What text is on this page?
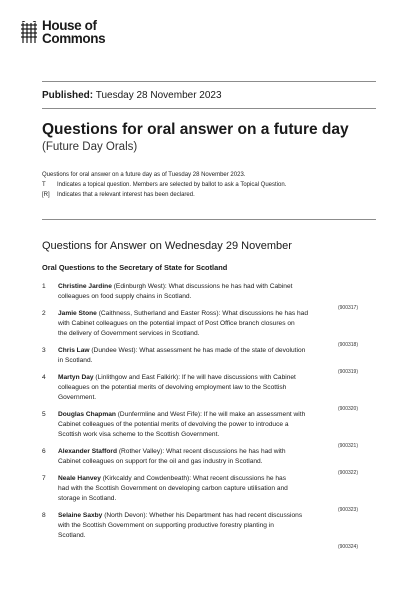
House of
Commons
Published: Tuesday 28 November 2023
Questions for oral answer on a future day
(Future Day Orals)
Questions for oral answer on a future day as of Tuesday 28 November 2023.
T	Indicates a topical question. Members are selected by ballot to ask a Topical Question.
[R]	Indicates that a relevant interest has been declared.
Questions for Answer on Wednesday 29 November
Oral Questions to the Secretary of State for Scotland
1 Christine Jardine (Edinburgh West): What discussions he has had with Cabinet
colleagues on food supply chains in Scotland.
(900317)
2 Jamie Stone (Caithness, Sutherland and Easter Ross): What discussions he has had
with Cabinet colleagues on the potential impact of Post Office branch closures on
the delivery of Government services in Scotland.
(900318)
3 Chris Law (Dundee West): What assessment he has made of the state of devolution
in Scotland.
(900319)
4 Martyn Day (Linlithgow and East Falkirk): If he will have discussions with Cabinet
colleagues on the potential merits of devolving employment law to the Scottish
Government.
(900320)
5 Douglas Chapman (Dunfermline and West Fife): If he will make an assessment with
Cabinet colleagues of the potential merits of devolving the power to introduce a
Scottish work visa scheme to the Scottish Government.
(900321)
6 Alexander Stafford (Rother Valley): What recent discussions he has had with
Cabinet colleagues on support for the oil and gas industry in Scotland.
(900322)
7 Neale Hanvey (Kirkcaldy and Cowdenbeath): What recent discussions he has
had with the Scottish Government on developing carbon capture utilisation and
storage in Scotland.
(900323)
8 Selaine Saxby (North Devon): Whether his Department has had recent discussions
with the Scottish Government on supporting productive forestry planting in
Scotland.
(900324)
